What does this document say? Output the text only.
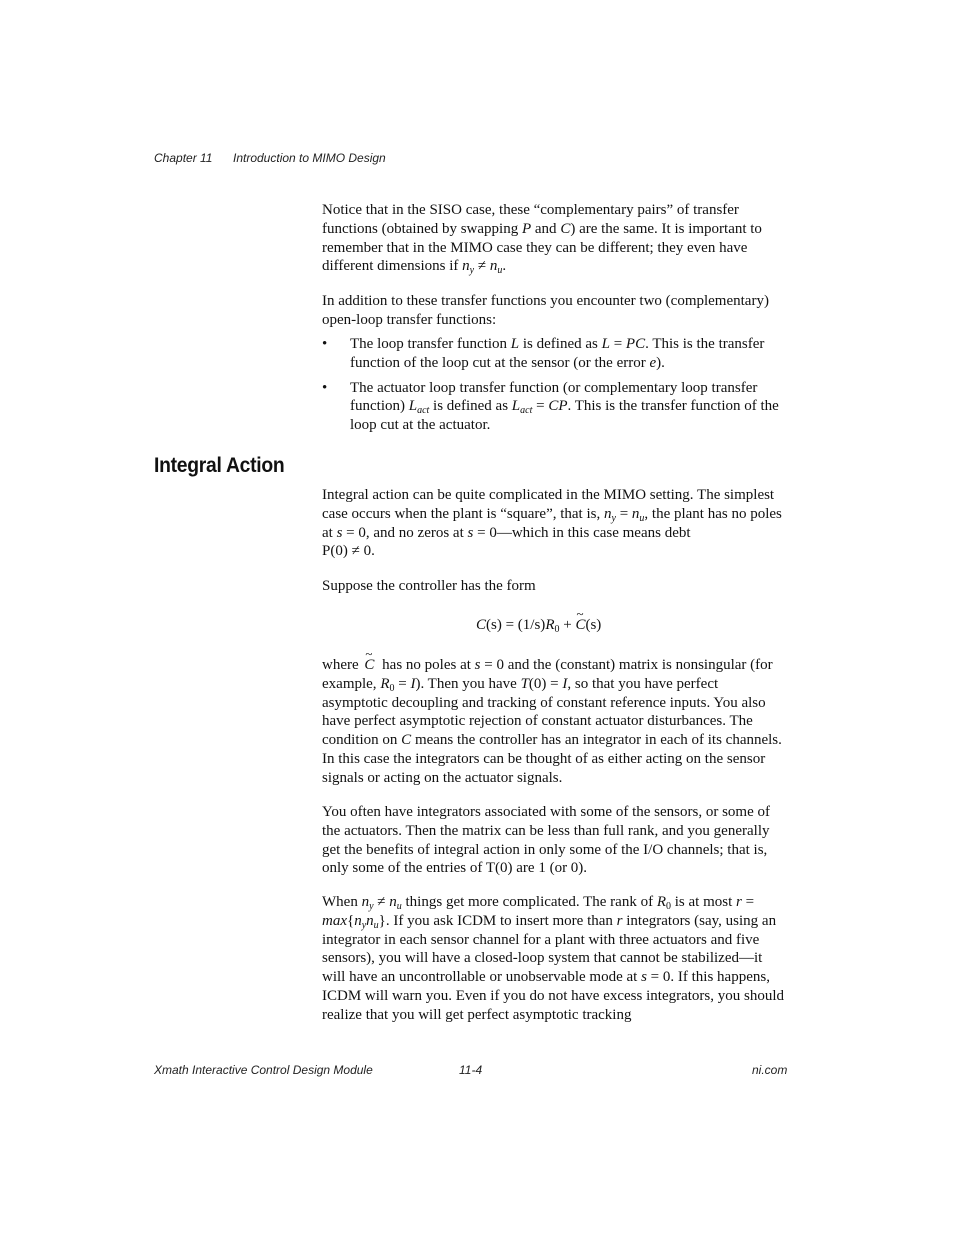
Chapter 11 Introduction to MIMO Design

Notice that in the SISO case, these “complementary pairs” of transfer functions (obtained by swapping P and C) are the same. It is important to remember that in the MIMO case they can be different; they even have different dimensions if $n_y \ne n_u$.

In addition to these transfer functions you encounter two (complementary) open-loop transfer functions:
• The loop transfer function L is defined as L = PC. This is the transfer function of the loop cut at the sensor (or the error e).
• The actuator loop transfer function (or complementary loop transfer function) $L_{act}$ is defined as $L_{act}$ = CP. This is the transfer function of the loop cut at the actuator.
Integral Action

Integral action can be quite complicated in the MIMO setting. The simplest case occurs when the plant is “square”, that is, $n_y = n_u$, the plant has no poles at s = 0, and no zeros at s = 0—which in this case means debt
P(0) ≠ 0.

Suppose the controller has the form
$C(s) = (1/s)R_0$ + ~ C(s)

where ~ C has no poles at s = 0 and the (constant) matrix is nonsingular (for example, $R_0 = I$). Then you have T(0) = I, so that you have perfect asymptotic decoupling and tracking of constant reference inputs. You also have perfect asymptotic rejection of constant actuator disturbances. The condition on C means the controller has an integrator in each of its channels. In this case the integrators can be thought of as either acting on the sensor signals or acting on the actuator signals.

You often have integrators associated with some of the sensors, or some of the actuators. Then the matrix can be less than full rank, and you generally get the benefits of integral action in only some of the I/O channels; that is, only some of the entries of T(0) are 1 (or 0).

When $n_y \ne n_u$ things get more complicated. The rank of $R_0$ is at most $r = \max\{n_yn_u\}$. If you ask ICDM to insert more than r integrators (say, using an integrator in each sensor channel for a plant with three actuators and five sensors), you will have a closed-loop system that cannot be stabilized—it will have an uncontrollable or unobservable mode at s = 0. If this happens, ICDM will warn you. Even if you do not have excess integrators, you should realize that you will get perfect asymptotic tracking

Xmath Interactive Control Design Module	11-4	ni.com
